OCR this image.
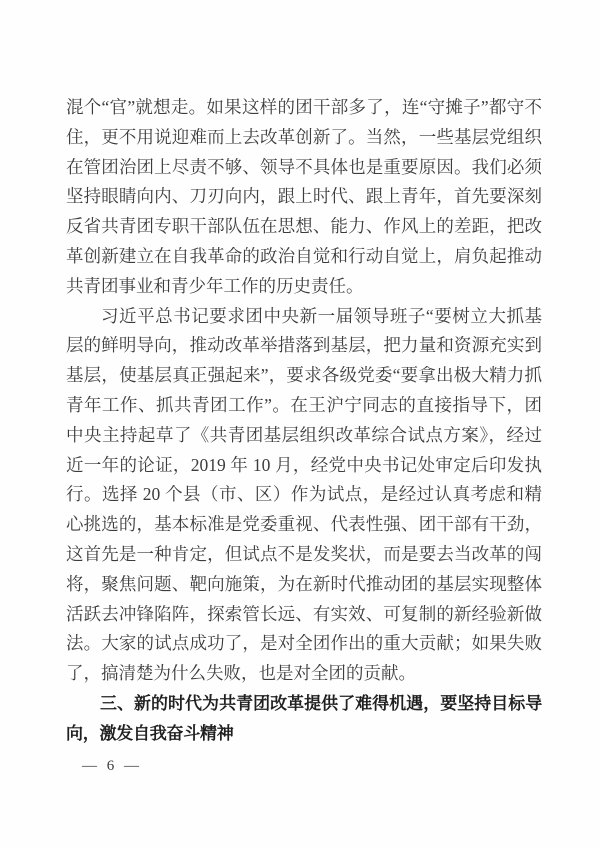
混个“官”就想走。如果这样的团干部多了，连“守摊子”都守不住，更不用说迎难而上去改革创新了。当然，一些基层党组织在管团治团上尽责不够、领导不具体也是重要原因。我们必须坚持眼睛向内、刀刃向内，跟上时代、跟上青年，首先要深刻反省共青团专职干部队伍在思想、能力、作风上的差距，把改革创新建立在自我革命的政治自觉和行动自觉上，肩负起推动共青团事业和青少年工作的历史责任。

习近平总书记要求团中央新一届领导班子“要树立大抓基层的鲜明导向，推动改革举措落到基层，把力量和资源充实到基层，使基层真正强起来”，要求各级党委“要拿出极大精力抓青年工作、抓共青团工作”。在王沪宁同志的直接指导下，团中央主持起草了《共青团基层组织改革综合试点方案》，经过近一年的论证，2019 年 10 月，经党中央书记处审定后印发执行。选择 20 个县（市、区）作为试点，是经过认真考虑和精心挑选的，基本标准是党委重视、代表性强、团干部有干劲，这首先是一种肯定，但试点不是发奖状，而是要去当改革的闯将，聚焦问题、靶向施策，为在新时代推动团的基层实现整体活跃去冲锋陷阵，探索管长远、有实效、可复制的新经验新做法。大家的试点成功了，是对全团作出的重大贡献；如果失败了，搞清楚为什么失败，也是对全团的贡献。

三、新的时代为共青团改革提供了难得机遇，要坚持目标导向，激发自我奋斗精神

— 6 —
